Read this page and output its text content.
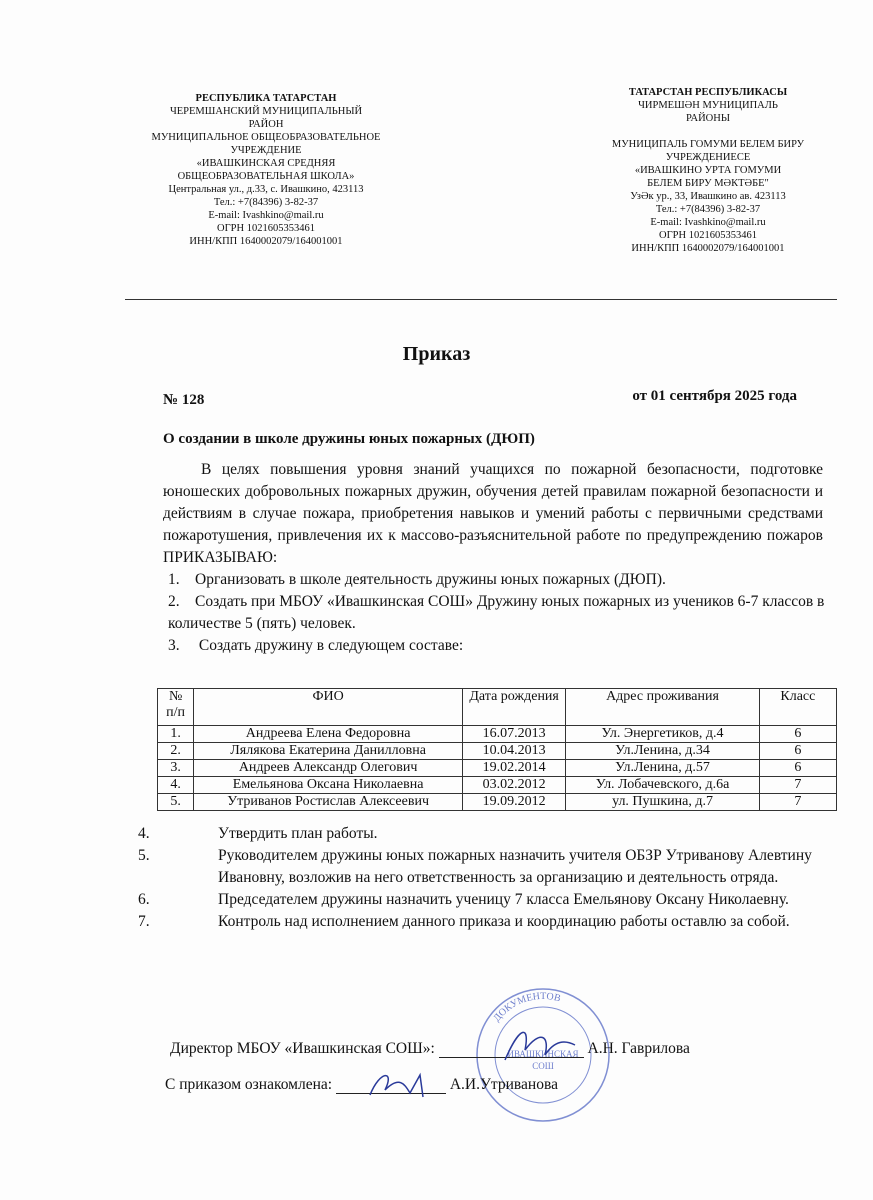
РЕСПУБЛИКА ТАТАРСТАН
ЧЕРЕМШАНСКИЙ МУНИЦИПАЛЬНЫЙ
РАЙОН
МУНИЦИПАЛЬНОЕ ОБЩЕОБРАЗОВАТЕЛЬНОЕ
УЧРЕЖДЕНИЕ
«ИВАШКИНСКАЯ СРЕДНЯЯ
ОБЩЕОБРАЗОВАТЕЛЬНАЯ ШКОЛА»
Центральная ул., д.33, с. Ивашкино, 423113
Тел.: +7(84396) 3-82-37
E-mail: Ivashkino@mail.ru
ОГРН 1021605353461
ИНН/КПП 1640002079/164001001
ТАТАРСТАН РЕСПУБЛИКАСЫ
ЧИРМЕШӘН МУНИЦИПАЛЬ
РАЙОНЫ

МУНИЦИПАЛЬ ГОМУМИ БЕЛЕМ БИРУ
УЧРЕЖДЕНИЕСЕ
«ИВАШКИНО УРТА ГОМУМИ
БЕЛЕМ БИРУ МӘКТӘБЕ"
УзӘк ур., 33, Ивашкино ав. 423113
Тел.: +7(84396) 3-82-37
E-mail: Ivashkino@mail.ru
ОГРН 1021605353461
ИНН/КПП 1640002079/164001001
Приказ
№ 128	от 01 сентября 2025 года
О создании в школе дружины юных пожарных (ДЮП)
В целях повышения уровня знаний учащихся по пожарной безопасности, подготовке юношеских добровольных пожарных дружин, обучения детей правилам пожарной безопасности и действиям в случае пожара, приобретения навыков и умений работы с первичными средствами пожаротушения, привлечения их к массово-разъяснительной работе по предупреждению пожаров ПРИКАЗЫВАЮ:
1. Организовать в школе деятельность дружины юных пожарных (ДЮП).
2. Создать при МБОУ «Ивашкинская СОШ» Дружину юных пожарных из учеников 6-7 классов в количестве 5 (пять) человек.
3. Создать дружину в следующем составе:
№ п/п	ФИО	Дата рождения	Адрес проживания	Класс
1.	Андреева Елена Федоровна	16.07.2013	Ул. Энергетиков, д.4	6
2.	Лялякова Екатерина Данилловна	10.04.2013	Ул.Ленина, д.34	6
3.	Андреев Александр Олегович	19.02.2014	Ул.Ленина, д.57	6
4.	Емельянова Оксана Николаевна	03.02.2012	Ул. Лобачевского, д.6а	7
5.	Утриванов Ростислав Алексеевич	19.09.2012	ул. Пушкина, д.7	7
4.	Утвердить план работы.
5.	Руководителем дружины юных пожарных назначить учителя ОБЗР Утриванову Алевтину Ивановну, возложив на него ответственность за организацию и деятельность отряда.
6.	Председателем дружины назначить ученицу 7 класса Емельянову Оксану Николаевну.
7.	Контроль над исполнением данного приказа и координацию работы оставлю за собой.
ДОКУМЕНТОВ
ИВАШКИНСКАЯ
СОШ
Директор МБОУ «Ивашкинская СОШ»:	А.Н. Гаврилова
С приказом ознакомлена:	А.И.Утриванова
